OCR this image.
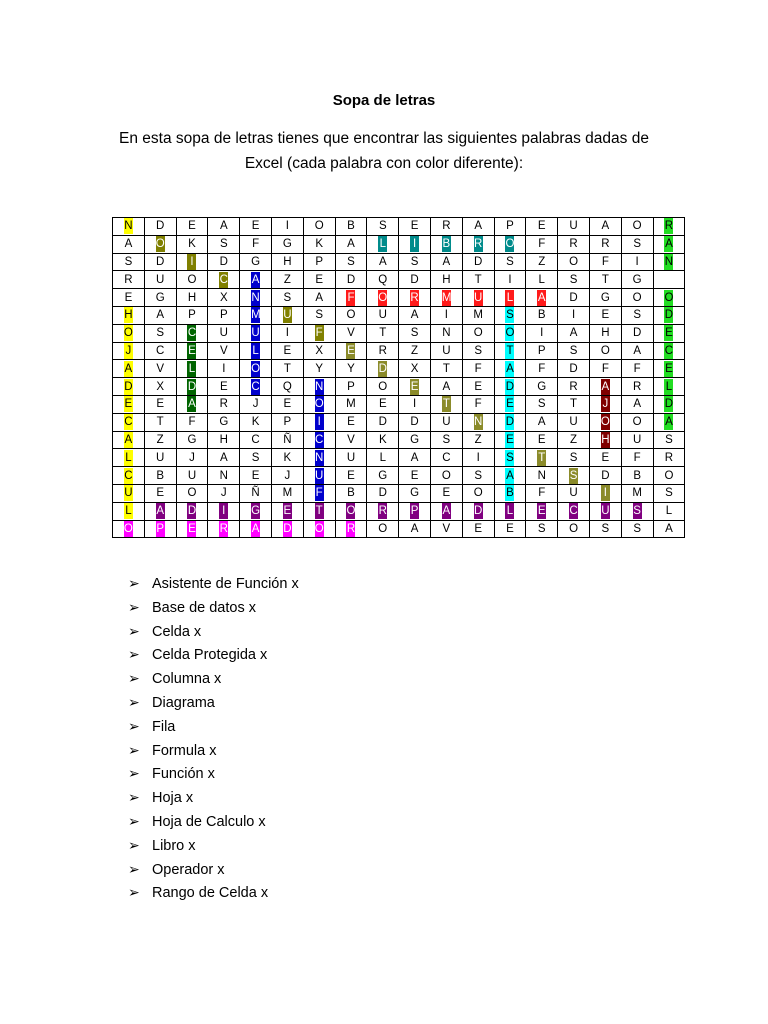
Sopa de letras
En esta sopa de letras tienes que encontrar las siguientes palabras dadas de Excel (cada palabra con color diferente):
N	D	E	A	E	I	O	B	S	E	R	A	P	E	U	A	O	R
A	O	K	S	F	G	K	A	L	I	B	R	O	F	R	R	S	A
S	D	I	D	G	H	P	S	A	S	A	D	S	Z	O	F	I	N
R	U	O	C	A	Z	E	D	Q	D	H	T	I	L	S	T	G	
E	G	H	X	N	S	A	F	O	R	M	U	L	A	D	G	O	O
H	A	P	P	M	U	S	O	U	A	I	M	S	B	I	E	S	D
O	S	C	U	U	I	F	V	T	S	N	O	O	I	A	H	D	E
J	C	E	V	L	E	X	E	R	Z	U	S	T	P	S	O	A	C
A	V	L	I	O	T	Y	Y	D	X	T	F	A	F	D	F	F	E
D	X	D	E	C	Q	N	P	O	E	A	E	D	G	R	A	R	L
E	E	A	R	J	E	O	M	E	I	T	F	E	S	T	J	A	D
C	T	F	G	K	P	I	E	D	D	U	N	D	A	U	O	O	A
A	Z	G	H	C	Ñ	C	V	K	G	S	Z	E	E	Z	H	U	S
L	U	J	A	S	K	N	U	L	A	C	I	S	T	S	E	F	R
C	B	U	N	E	J	U	E	G	E	O	S	A	N	S	D	B	O
U	E	O	J	Ñ	M	F	B	D	G	E	O	B	F	U	I	M	S
L	A	D	I	G	E	T	O	R	P	A	D	L	E	C	U	S	L
O	P	E	R	A	D	O	R	O	A	V	E	E	S	O	S	S	A
➢ Asistente de Función x
➢ Base de datos x
➢ Celda x
➢ Celda Protegida x
➢ Columna x
➢ Diagrama
➢ Fila
➢ Formula x
➢ Función x
➢ Hoja x
➢ Hoja de Calculo x
➢ Libro x
➢ Operador x
➢ Rango de Celda x
